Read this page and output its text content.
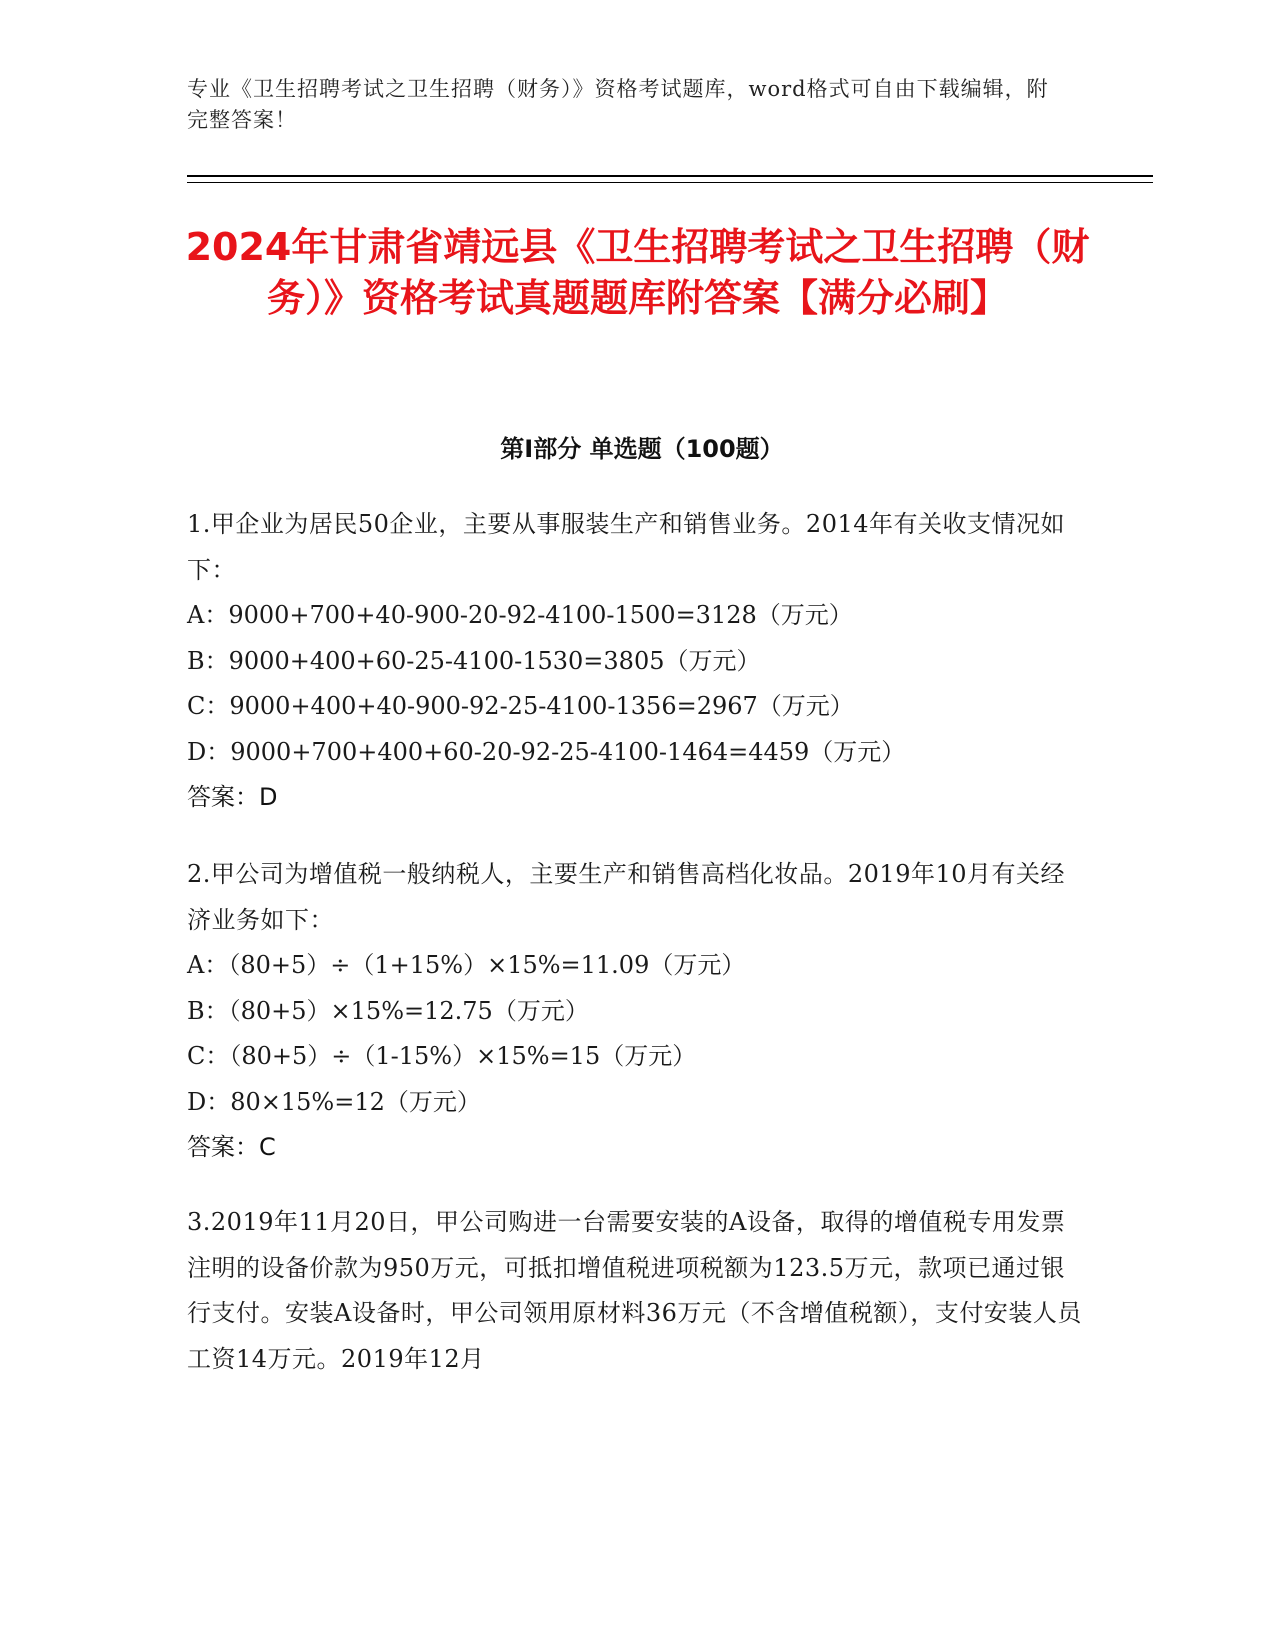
专业《卫生招聘考试之卫生招聘（财务）》资格考试题库，word格式可自由下载编辑，附完整答案！
2024年甘肃省靖远县《卫生招聘考试之卫生招聘（财务）》资格考试真题题库附答案【满分必刷】
第I部分 单选题（100题）

1.甲企业为居民50企业，主要从事服装生产和销售业务。2014年有关收支情况如下：

A：9000+700+40-900-20-92-4100-1500=3128（万元）

B：9000+400+60-25-4100-1530=3805（万元）

C：9000+400+40-900-92-25-4100-1356=2967（万元）

D：9000+700+400+60-20-92-25-4100-1464=4459（万元）

答案：D

2.甲公司为增值税一般纳税人，主要生产和销售高档化妆品。2019年10月有关经济业务如下：

A：（80+5）÷（1+15%）×15%=11.09（万元）

B：（80+5）×15%=12.75（万元）

C：（80+5）÷（1-15%）×15%=15（万元）

D：80×15%=12（万元）

答案：C

3.2019年11月20日，甲公司购进一台需要安装的A设备，取得的增值税专用发票注明的设备价款为950万元，可抵扣增值税进项税额为123.5万元，款项已通过银行支付。安装A设备时，甲公司领用原材料36万元（不含增值税额），支付安装人员工资14万元。2019年12月
